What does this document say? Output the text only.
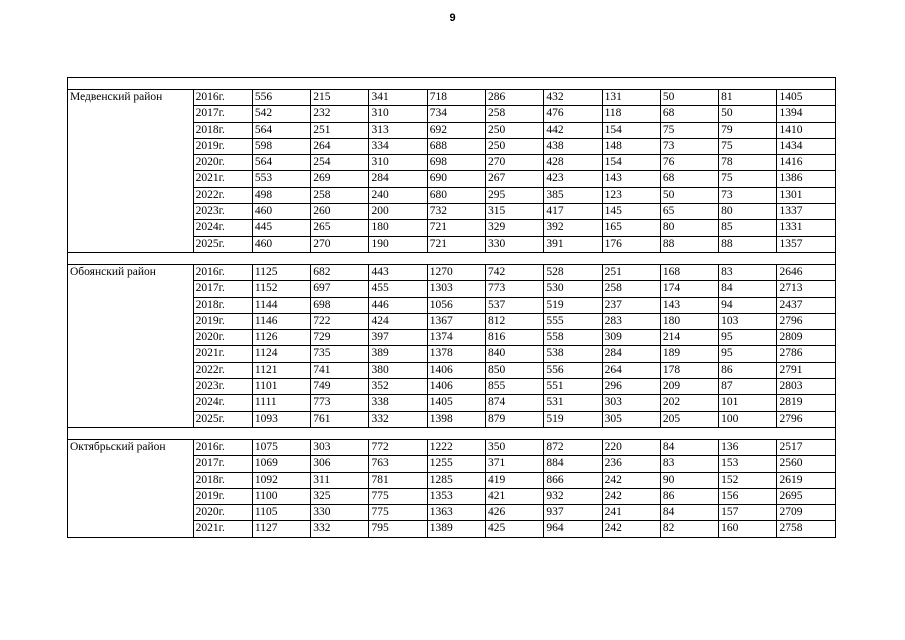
9

Медвенский район	2016г.	556	215	341	718	286	432	131	50	81	1405
	2017г.	542	232	310	734	258	476	118	68	50	1394
	2018г.	564	251	313	692	250	442	154	75	79	1410
	2019г.	598	264	334	688	250	438	148	73	75	1434
	2020г.	564	254	310	698	270	428	154	76	78	1416
	2021г.	553	269	284	690	267	423	143	68	75	1386
	2022г.	498	258	240	680	295	385	123	50	73	1301
	2023г.	460	260	200	732	315	417	145	65	80	1337
	2024г.	445	265	180	721	329	392	165	80	85	1331
	2025г.	460	270	190	721	330	391	176	88	88	1357

Обоянский район	2016г.	1125	682	443	1270	742	528	251	168	83	2646
	2017г.	1152	697	455	1303	773	530	258	174	84	2713
	2018г.	1144	698	446	1056	537	519	237	143	94	2437
	2019г.	1146	722	424	1367	812	555	283	180	103	2796
	2020г.	1126	729	397	1374	816	558	309	214	95	2809
	2021г.	1124	735	389	1378	840	538	284	189	95	2786
	2022г.	1121	741	380	1406	850	556	264	178	86	2791
	2023г.	1101	749	352	1406	855	551	296	209	87	2803
	2024г.	1111	773	338	1405	874	531	303	202	101	2819
	2025г.	1093	761	332	1398	879	519	305	205	100	2796

Октябрьский район	2016г.	1075	303	772	1222	350	872	220	84	136	2517
	2017г.	1069	306	763	1255	371	884	236	83	153	2560
	2018г.	1092	311	781	1285	419	866	242	90	152	2619
	2019г.	1100	325	775	1353	421	932	242	86	156	2695
	2020г.	1105	330	775	1363	426	937	241	84	157	2709
	2021г.	1127	332	795	1389	425	964	242	82	160	2758
